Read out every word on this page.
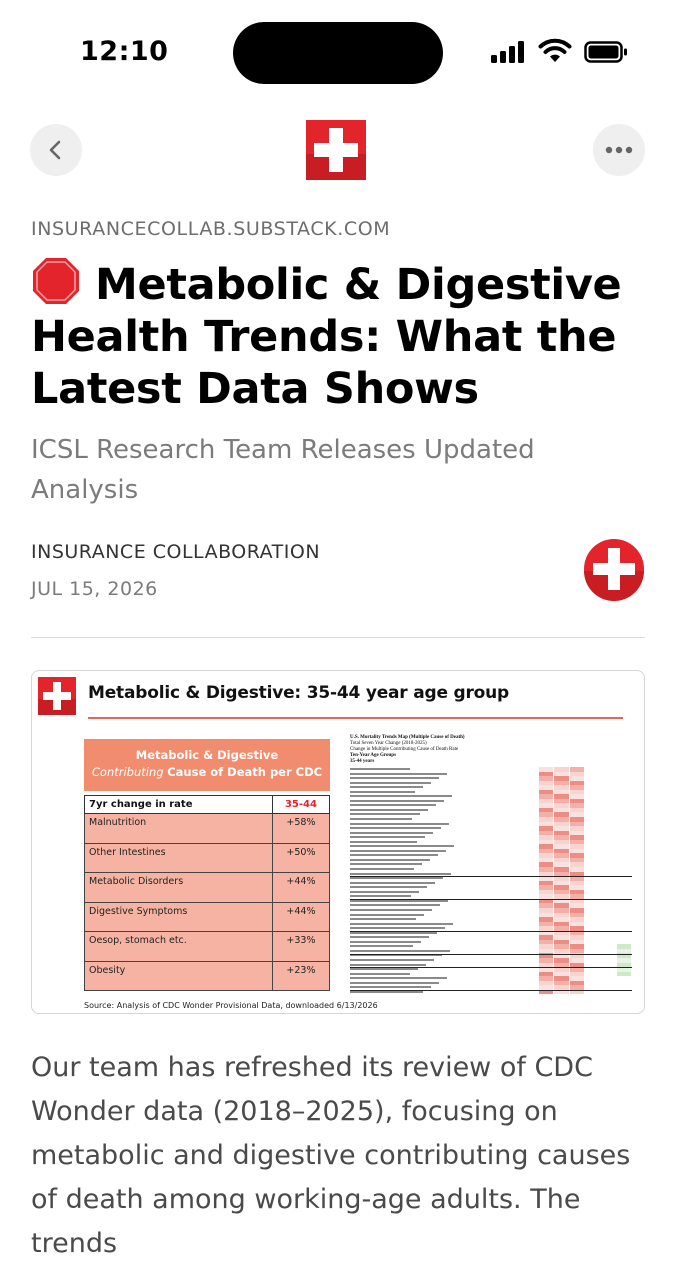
12:10
INSURANCECOLLAB.SUBSTACK.COM
Metabolic & Digestive Health Trends: What the Latest Data Shows
ICSL Research Team Releases Updated Analysis
INSURANCE COLLABORATION
JUL 15, 2026
Metabolic & Digestive: 35-44 year age group
Metabolic & Digestive
Contributing Cause of Death per CDC
7yr change in rate	35-44
Malnutrition	+58%
Other Intestines	+50%
Metabolic Disorders	+44%
Digestive Symptoms	+44%
Oesop, stomach etc.	+33%
Obesity	+23%
U.S. Mortality Trends Map (Multiple Cause of Death)
Total Seven Year Change (2018-2025)
Change in Multiple Contributing Cause of Death Rate
Ten-Year Age Groups
35-44 years
Source: Analysis of CDC Wonder Provisional Data, downloaded 6/13/2026
Our team has refreshed its review of CDC Wonder data (2018–2025), focusing on metabolic and digestive contributing causes of death among working-age adults. The trends
